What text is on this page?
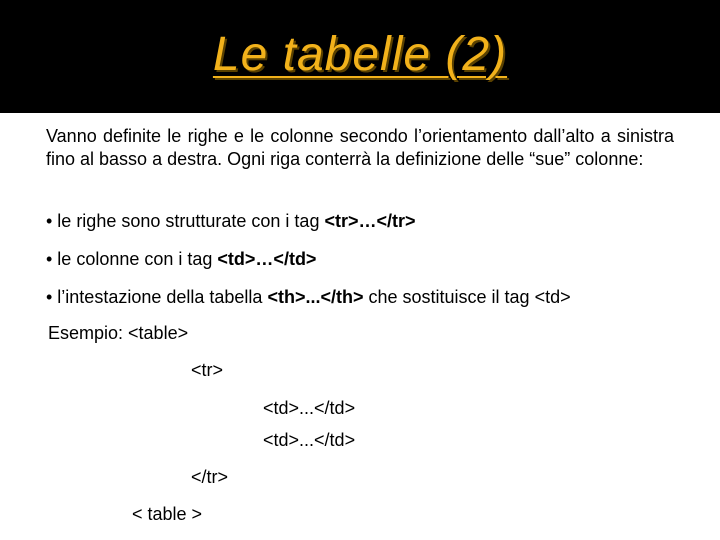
Le tabelle (2)
Vanno definite le righe e le colonne secondo l’orientamento dall’alto a sinistra fino al basso a destra. Ogni riga conterrà la definizione delle “sue” colonne:
• le righe sono strutturate con i tag <tr>…</tr>
• le colonne con i tag <td>…</td>
• l’intestazione della tabella <th>...</th> che sostituisce il tag <td>
Esempio: <table>
<tr>
<td>...</td>
<td>...</td>
</tr>
< table >
